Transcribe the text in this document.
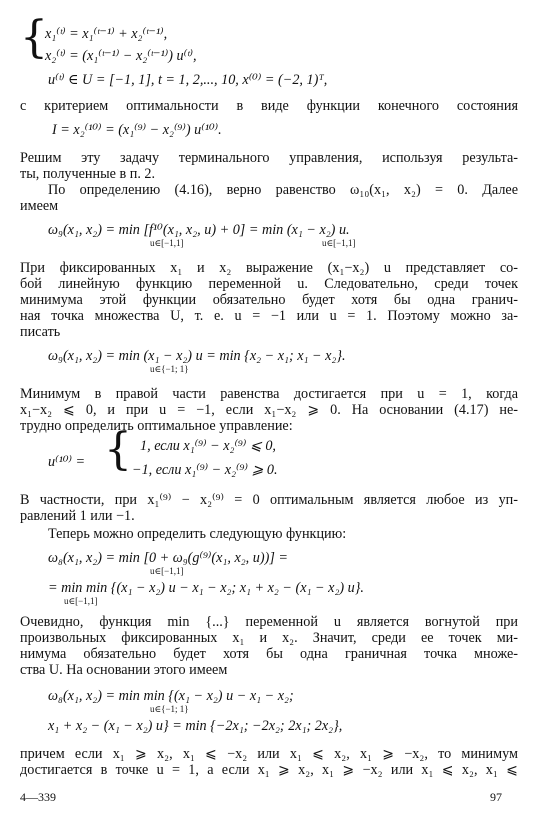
{
x₁⁽ᵗ⁾ = x₁⁽ᵗ⁻¹⁾ + x₂⁽ᵗ⁻¹⁾,
x₂⁽ᵗ⁾ = (x₁⁽ᵗ⁻¹⁾ − x₂⁽ᵗ⁻¹⁾) u⁽ᵗ⁾,
u⁽ᵗ⁾ ∈ U = [−1, 1], t = 1, 2,..., 10, x⁽⁰⁾ = (−2, 1)ᵀ,
с критерием оптимальности в виде функции конечного состояния
I = x₂⁽¹⁰⁾ = (x₁⁽⁹⁾ − x₂⁽⁹⁾) u⁽¹⁰⁾.
Решим эту задачу терминального управления, используя результа-
ты, полученные в п. 2.
По определению (4.16), верно равенство ω₁₀(x₁, x₂) = 0. Далее
имеем
ω₉(x₁, x₂) = min [f¹⁰(x₁, x₂, u) + 0] = min (x₁ − x₂) u.
u∈[−1,1]	u∈[−1,1]
При фиксированных x₁ и x₂ выражение (x₁−x₂) u представляет со-
бой линейную функцию переменной u. Следовательно, среди точек
минимума этой функции обязательно будет хотя бы одна гранич-
ная точка множества U, т. е. u = −1 или u = 1. Поэтому можно за-
писать
ω₉(x₁, x₂) = min (x₁ − x₂) u = min {x₂ − x₁; x₁ − x₂}.
u∈{−1; 1}
Минимум в правой части равенства достигается при u = 1, когда
x₁−x₂ ⩽ 0, и при u = −1, если x₁−x₂ ⩾ 0. На основании (4.17) не-
трудно определить оптимальное управление:
u⁽¹⁰⁾ = { 1, если x₁⁽⁹⁾ − x₂⁽⁹⁾ ⩽ 0,
−1, если x₁⁽⁹⁾ − x₂⁽⁹⁾ ⩾ 0.
В частности, при x₁⁽⁹⁾ − x₂⁽⁹⁾ = 0 оптимальным является любое из уп-
равлений 1 или −1.
Теперь можно определить следующую функцию:
ω₈(x₁, x₂) = min [0 + ω₉(g⁽⁹⁾(x₁, x₂, u))] =
u∈[−1,1]
= min min {(x₁ − x₂) u − x₁ − x₂; x₁ + x₂ − (x₁ − x₂) u}.
u∈[−1,1]
Очевидно, функция min {...} переменной u является вогнутой при
произвольных фиксированных x₁ и x₂. Значит, среди ее точек ми-
нимума обязательно будет хотя бы одна граничная точка множе-
ства U. На основании этого имеем
ω₈(x₁, x₂) = min min {(x₁ − x₂) u − x₁ − x₂;
u∈{−1; 1}
x₁ + x₂ − (x₁ − x₂) u} = min {−2x₁; −2x₂; 2x₁; 2x₂},
причем если x₁ ⩾ x₂, x₁ ⩽ −x₂ или x₁ ⩽ x₂, x₁ ⩾ −x₂, то минимум
достигается в точке u = 1, а если x₁ ⩾ x₂, x₁ ⩾ −x₂ или x₁ ⩽ x₂, x₁ ⩽
4—339	97
